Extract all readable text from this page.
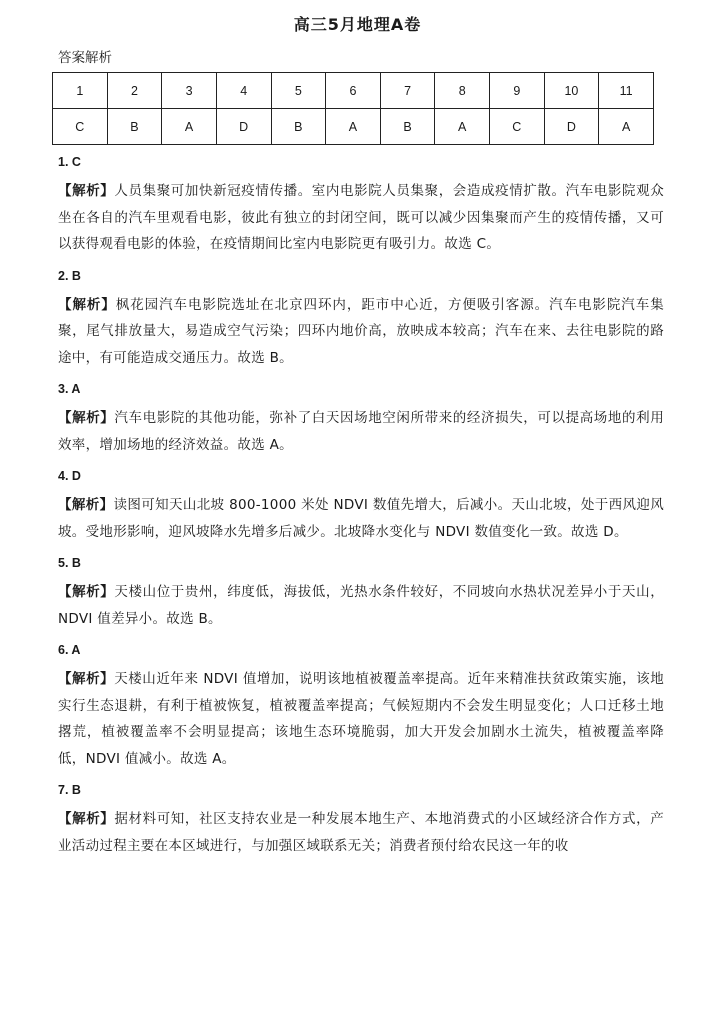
高三5月地理A卷
答案解析
1	2	3	4	5	6	7	8	9	10	11
C	B	A	D	B	A	B	A	C	D	A
1. C
【解析】人员集聚可加快新冠疫情传播。室内电影院人员集聚，会造成疫情扩散。汽车电影院观众坐在各自的汽车里观看电影，彼此有独立的封闭空间，既可以减少因集聚而产生的疫情传播，又可以获得观看电影的体验，在疫情期间比室内电影院更有吸引力。故选 C。
2. B
【解析】枫花园汽车电影院选址在北京四环内，距市中心近，方便吸引客源。汽车电影院汽车集聚，尾气排放量大，易造成空气污染；四环内地价高，放映成本较高；汽车在来、去往电影院的路途中，有可能造成交通压力。故选 B。
3. A
【解析】汽车电影院的其他功能，弥补了白天因场地空闲所带来的经济损失，可以提高场地的利用效率，增加场地的经济效益。故选 A。
4. D
【解析】读图可知天山北坡 800-1000 米处 NDVI 数值先增大，后减小。天山北坡，处于西风迎风坡。受地形影响，迎风坡降水先增多后减少。北坡降水变化与 NDVI 数值变化一致。故选 D。
5. B
【解析】天楼山位于贵州，纬度低，海拔低，光热水条件较好，不同坡向水热状况差异小于天山，NDVI 值差异小。故选 B。
6. A
【解析】天楼山近年来 NDVI 值增加，说明该地植被覆盖率提高。近年来精准扶贫政策实施，该地实行生态退耕，有利于植被恢复，植被覆盖率提高；气候短期内不会发生明显变化；人口迁移土地撂荒，植被覆盖率不会明显提高；该地生态环境脆弱，加大开发会加剧水土流失，植被覆盖率降低，NDVI 值减小。故选 A。
7. B
【解析】据材料可知，社区支持农业是一种发展本地生产、本地消费式的小区域经济合作方式，产业活动过程主要在本区域进行，与加强区域联系无关；消费者预付给农民这一年的收
